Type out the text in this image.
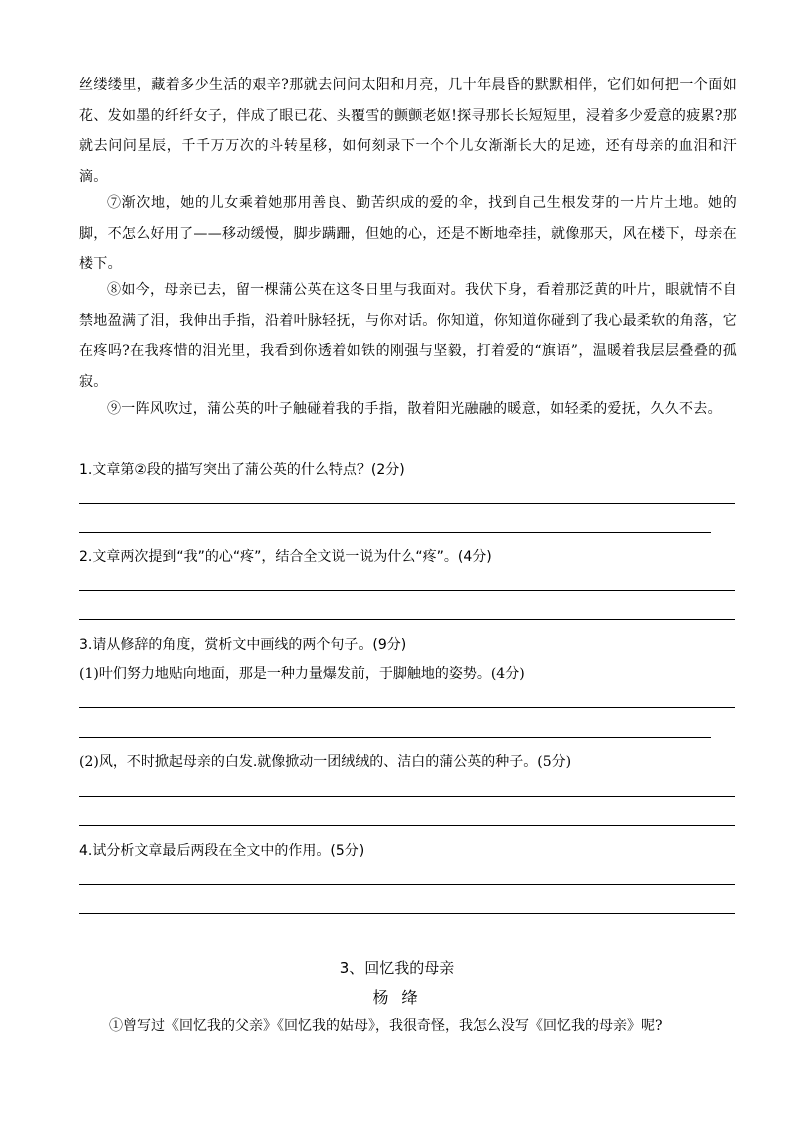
丝缕缕里，藏着多少生活的艰辛?那就去问问太阳和月亮，几十年晨昏的默默相伴，它们如何把一个面如花、发如墨的纤纤女子，伴成了眼已花、头覆雪的颤颤老妪!探寻那长长短短里，浸着多少爱意的疲累?那就去问问星辰，千千万万次的斗转星移，如何刻录下一个个儿女渐渐长大的足迹，还有母亲的血泪和汗滴。

⑦渐次地，她的儿女乘着她那用善良、勤苦织成的爱的伞，找到自己生根发芽的一片片土地。她的脚，不怎么好用了——移动缓慢，脚步蹒跚，但她的心，还是不断地牵挂，就像那天，风在楼下，母亲在楼下。

⑧如今，母亲已去，留一棵蒲公英在这冬日里与我面对。我伏下身，看着那泛黄的叶片，眼就情不自禁地盈满了泪，我伸出手指，沿着叶脉轻抚，与你对话。你知道，你知道你碰到了我心最柔软的角落，它在疼吗?在我疼惜的泪光里，我看到你透着如铁的刚强与坚毅，打着爱的“旗语”，温暖着我层层叠叠的孤寂。

⑨一阵风吹过，蒲公英的叶子触碰着我的手指，散着阳光融融的暖意，如轻柔的爱抚，久久不去。

1.文章第②段的描写突出了蒲公英的什么特点？(2分)

2.文章两次提到“我”的心“疼”，结合全文说一说为什么“疼”。(4分)

3.请从修辞的角度，赏析文中画线的两个句子。(9分)

(1)叶们努力地贴向地面，那是一种力量爆发前，于脚触地的姿势。(4分)

(2)风，不时掀起母亲的白发.就像掀动一团绒绒的、洁白的蒲公英的种子。(5分)

4.试分析文章最后两段在全文中的作用。(5分)

3、回忆我的母亲

杨 绛

①曾写过《回忆我的父亲》《回忆我的姑母》，我很奇怪，我怎么没写《回忆我的母亲》呢?
